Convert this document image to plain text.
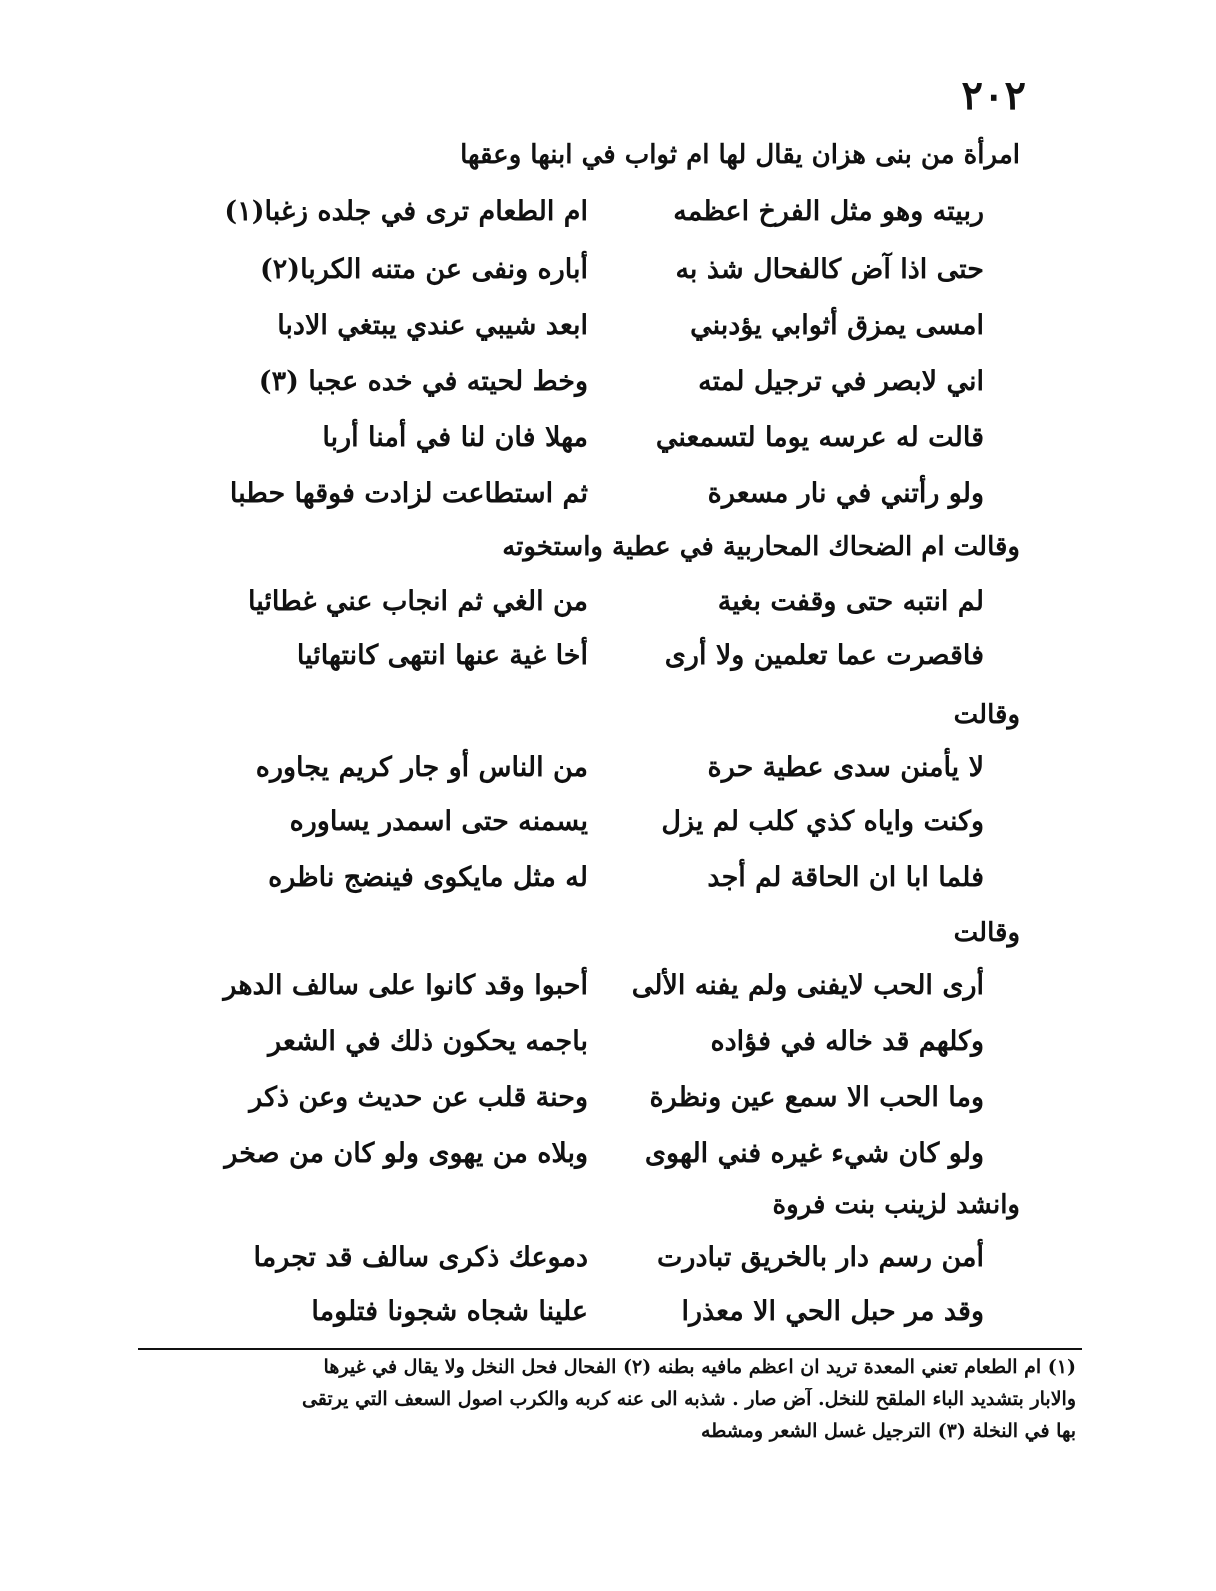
٢٠٢
امرأة من بنى هزان يقال لها ام ثواب في ابنها وعقها
ربيته وهو مثل الفرخ اعظمه
ام الطعام ترى في جلده زغبا(١)
حتى اذا آض كالفحال شذ به
أباره ونفى عن متنه الكربا(٢)
امسى يمزق أثوابي يؤدبني
ابعد شيبي عندي يبتغي الادبا
اني لابصر في ترجيل لمته
وخط لحيته في خده عجبا (٣)
قالت له عرسه يوما لتسمعني
مهلا فان لنا في أمنا أربا
ولو رأتني في نار مسعرة
ثم استطاعت لزادت فوقها حطبا
وقالت ام الضحاك المحاربية في عطية واستخوته
لم انتبه حتى وقفت بغية
من الغي ثم انجاب عني غطائيا
فاقصرت عما تعلمين ولا أرى
أخا غية عنها انتهى كانتهائيا
وقالت
لا يأمنن سدى عطية حرة
من الناس أو جار كريم يجاوره
وكنت واياه كذي كلب لم يزل
يسمنه حتى اسمدر يساوره
فلما ابا ان الحاقة لم أجد
له مثل مايكوى فينضج ناظره
وقالت
أرى الحب لايفنى ولم يفنه الألى
أحبوا وقد كانوا على سالف الدهر
وكلهم قد خاله في فؤاده
باجمه يحكون ذلك في الشعر
وما الحب الا سمع عين ونظرة
وحنة قلب عن حديث وعن ذكر
ولو كان شيء غيره فني الهوى
وبلاه من يهوى ولو كان من صخر
وانشد لزينب بنت فروة
أمن رسم دار بالخريق تبادرت
دموعك ذكرى سالف قد تجرما
وقد مر حبل الحي الا معذرا
علينا شجاه شجونا فتلوما
(١) ام الطعام تعني المعدة تريد ان اعظم مافيه بطنه (٢) الفحال فحل النخل ولا يقال في غيرها
والابار بتشديد الباء الملقح للنخل. آض صار . شذبه الى عنه كربه والكرب اصول السعف التي يرتقى
بها في النخلة (٣) الترجيل غسل الشعر ومشطه
